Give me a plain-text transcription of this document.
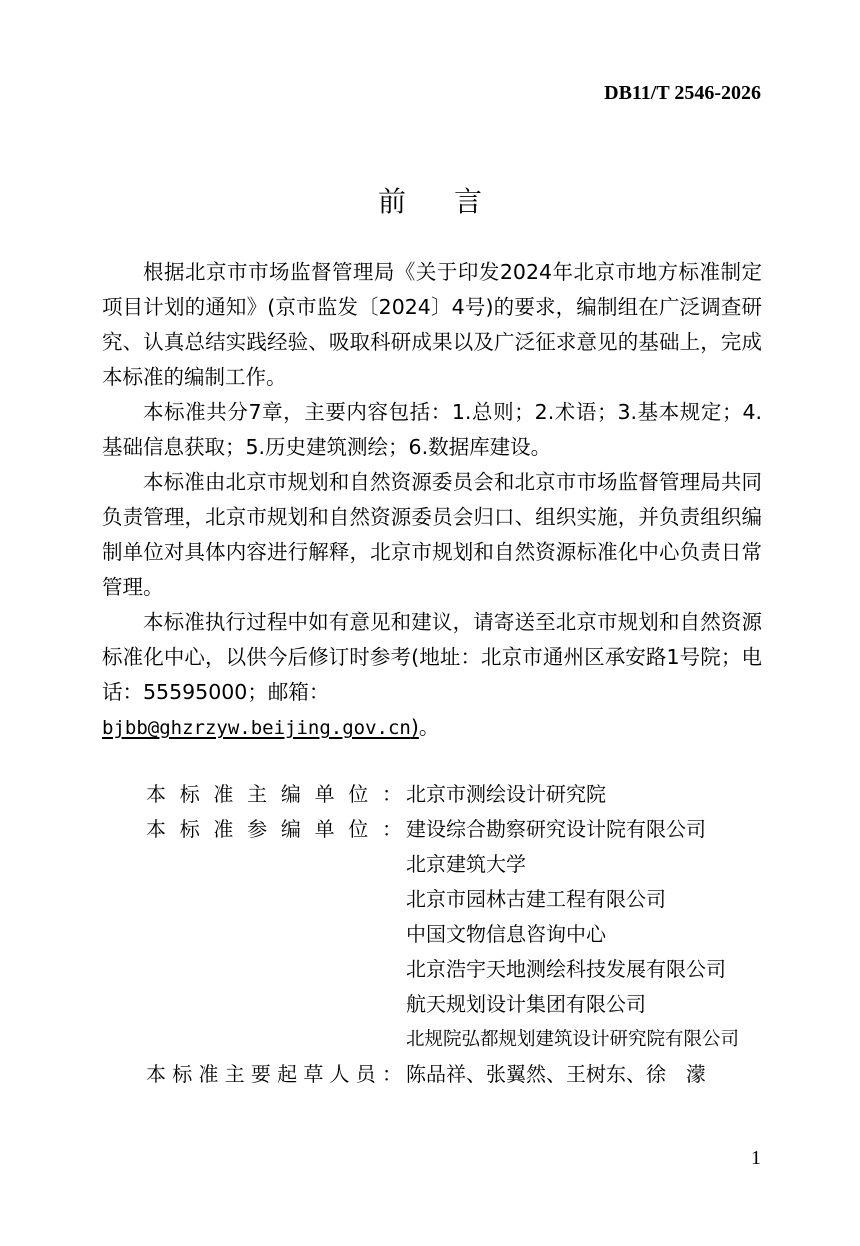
DB11/T 2546-2026
前言

根据北京市市场监督管理局《关于印发2024年北京市地方标准制定项目计划的通知》(京市监发〔2024〕4号)的要求，编制组在广泛调查研究、认真总结实践经验、吸取科研成果以及广泛征求意见的基础上，完成本标准的编制工作。

本标准共分7章，主要内容包括：1.总则；2.术语；3.基本规定；4.基础信息获取；5.历史建筑测绘；6.数据库建设。

本标准由北京市规划和自然资源委员会和北京市市场监督管理局共同负责管理，北京市规划和自然资源委员会归口、组织实施，并负责组织编制单位对具体内容进行解释，北京市规划和自然资源标准化中心负责日常管理。

本标准执行过程中如有意见和建议，请寄送至北京市规划和自然资源标准化中心，以供今后修订时参考(地址：北京市通州区承安路1号院；电话：55595000；邮箱：

bjbb@ghzrzyw.beijing.gov.cn)。

本标准主编单位： 北京市测绘设计研究院
本标准参编单位： 建设综合勘察研究设计院有限公司
北京建筑大学
北京市园林古建工程有限公司
中国文物信息咨询中心
北京浩宇天地测绘科技发展有限公司
航天规划设计集团有限公司
北规院弘都规划建筑设计研究院有限公司
本标准主要起草人员： 陈品祥、张翼然、王树东、徐　濛
1
